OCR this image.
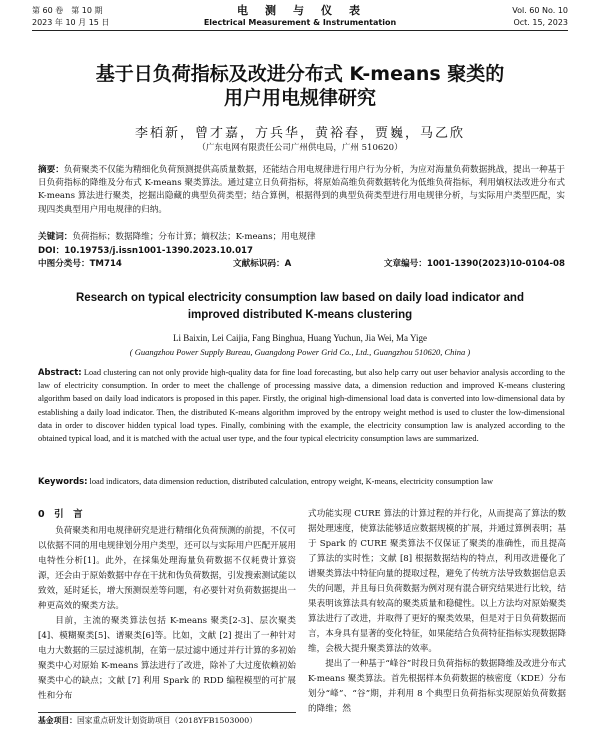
第 60 卷　第 10 期	电　测　与　仪　表	Vol. 60 No. 10
2023 年 10 月 15 日	Electrical Measurement & Instrumentation	Oct. 15, 2023
基于日负荷指标及改进分布式 K-means 聚类的
用户用电规律研究
李栢新，曾才嘉，方兵华，黄裕春，贾巍，马乙欣
（广东电网有限责任公司广州供电局，广州 510620）
摘要：负荷聚类不仅能为精细化负荷预测提供高质量数据，还能结合用电规律进行用户行为分析，为应对海量负荷数据挑战，提出一种基于日负荷指标的降维及分布式 K-means 聚类算法。通过建立日负荷指标，将原始高维负荷数据转化为低维负荷指标，利用熵权法改进分布式 K-means 算法进行聚类，挖掘出隐藏的典型负荷类型；结合算例，根据得到的典型负荷类型进行用电规律分析，与实际用户类型匹配，实现四类典型用户用电规律的归纳。
关键词：负荷指标；数据降维；分布计算；熵权法；K-means；用电规律
DOI：10.19753/j.issn1001-1390.2023.10.017
中图分类号：TM714	文献标识码：A	文章编号：1001-1390(2023)10-0104-08
Research on typical electricity consumption law based on daily load indicator and
improved distributed K-means clustering
Li Baixin, Lei Caijia, Fang Binghua, Huang Yuchun, Jia Wei, Ma Yige
( Guangzhou Power Supply Bureau, Guangdong Power Grid Co., Ltd., Guangzhou 510620, China )
Abstract: Load clustering can not only provide high-quality data for fine load forecasting, but also help carry out user behavior analysis according to the law of electricity consumption. In order to meet the challenge of processing massive data, a dimension reduction and improved K-means clustering algorithm based on daily load indicators is proposed in this paper. Firstly, the original high-dimensional load data is converted into low-dimensional data by establishing a daily load indicator. Then, the distributed K-means algorithm improved by the entropy weight method is used to cluster the low-dimensional data in order to discover hidden typical load types. Finally, combining with the example, the electricity consumption law is analyzed according to the obtained typical load, and it is matched with the actual user type, and the four typical electricity consumption laws are summarized.
Keywords: load indicators, data dimension reduction, distributed calculation, entropy weight, K-means, electricity consumption law
0　引　言

负荷聚类和用电规律研究是进行精细化负荷预测的前提，不仅可以依据不同的用电规律划分用户类型，还可以与实际用户匹配开展用电特性分析[1]。此外，在採集处理海量负荷数据不仅耗费计算资源，还会由于原始数据中存在干扰和伪负荷数据，引发搜索测试能以致效，延时延长，增大预测误差等问题，有必要针对负荷数据提出一种更高效的聚类方法。

目前，主流的聚类算法包括 K-means 聚类[2-3]、层次聚类[4]、模糊聚类[5]、谱聚类[6]等。比如，文献 [2] 提出了一种针对电力大数据的三层过滤机制，在第一层过滤中通过并行计算的多初始聚类中心对原始 K-means 算法进行了改进，除补了大过度依赖初始聚类中心的缺点；文献 [7] 利用 Spark 的 RDD 编程模型的可扩展性和分布

基金项目：国家重点研发计划资助项目（2018YFB1503000）

式功能实现 CURE 算法的计算过程的并行化，从而提高了算法的数据处理速度，使算法能够适应数据规模的扩展，并通过算例表明；基于 Spark 的 CURE 聚类算法不仅保证了聚类的准确性，而且提高了算法的实时性；文献 [8] 根据数据结构的特点，利用改进優化了谱聚类算法中特征向量的提取过程，避免了传统方法导致数据信息丢失的问题，并且每日负荷数据为例对现有混合研究结果进行比较，结果表明该算法具有较高的聚类质量和稳健性。以上方法均对原始聚类算法进行了改进，并取得了更好的聚类效果，但是对于日负荷数据而言，本身具有显著的变化特征，如果能结合负荷特征指标实现数据降维，会极大提升聚类算法的效率。

提出了一种基于“峰谷”时段日负荷指标的数据降维及改进分布式 K-means 聚类算法。首先根据样本负荷数据的核密度（KDE）分布划分“峰”、“谷”期，并利用 8 个典型日负荷指标实现原始负荷数据的降维；然
